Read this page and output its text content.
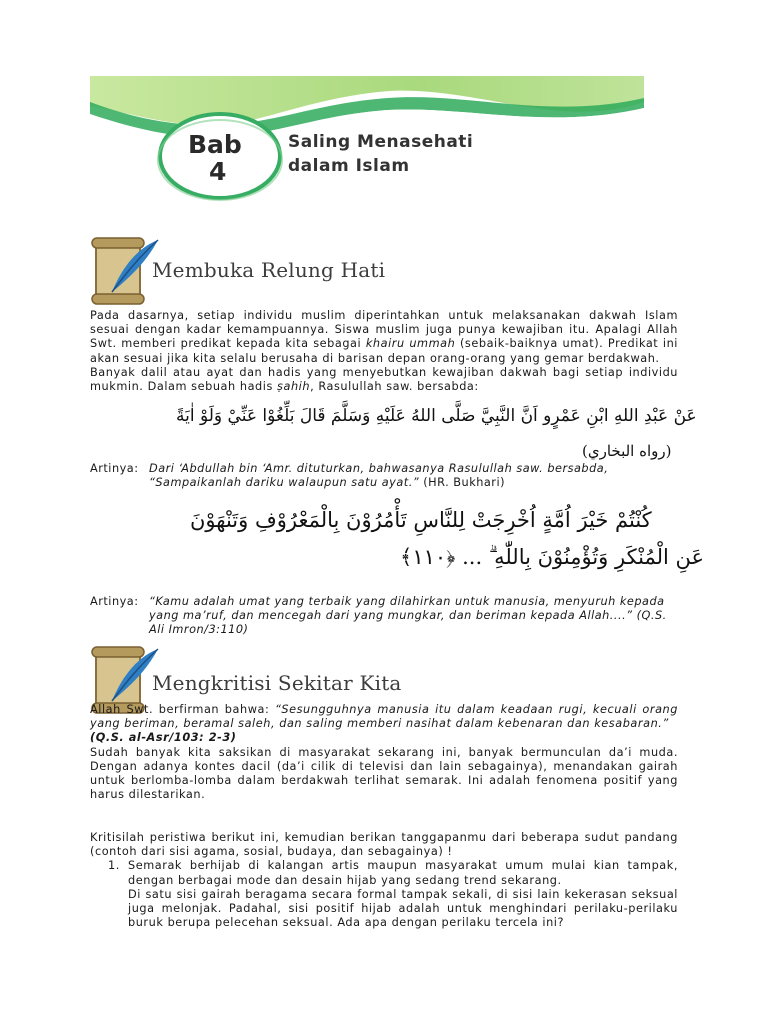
Bab
4
Saling Menasehati
dalam Islam
Membuka Relung Hati

Pada dasarnya, setiap individu muslim diperintahkan untuk melaksanakan dakwah Islam sesuai dengan kadar kemampuannya. Siswa muslim juga punya kewajiban itu. Apalagi Allah Swt. memberi predikat kepada kita sebagai khairu ummah (sebaik-baiknya umat). Predikat ini akan sesuai jika kita selalu berusaha di barisan depan orang-orang yang gemar berdakwah.

Banyak dalil atau ayat dan hadis yang menyebutkan kewajiban dakwah bagi setiap individu mukmin. Dalam sebuah hadis ṣahih, Rasulullah saw. bersabda:

عَنْ عَبْدِ اللهِ ابْنِ عَمْرٍو اَنَّ النَّبِيَّ صَلَّى اللهُ عَلَيْهِ وَسَلَّمَ قَالَ بَلِّغُوْا عَنِّيْ وَلَوْ اٰيَةً
(رواه البخاري)
Artinya: Dari ‘Abdullah bin ‘Amr. dituturkan, bahwasanya Rasulullah saw. bersabda,
“Sampaikanlah dariku walaupun satu ayat.” (HR. Bukhari)
كُنْتُمْ خَيْرَ اُمَّةٍ اُخْرِجَتْ لِلنَّاسِ تَأْمُرُوْنَ بِالْمَعْرُوْفِ وَتَنْهَوْنَ
عَنِ الْمُنْكَرِ وَتُؤْمِنُوْنَ بِاللّٰهِ ۗ ... ﴿١١٠﴾
Artinya: “Kamu adalah umat yang terbaik yang dilahirkan untuk manusia, menyuruh kepada yang ma’ruf, dan mencegah dari yang mungkar, dan beriman kepada Allah....” (Q.S. Ali Imron/3:110)
Mengkritisi Sekitar Kita

Allah Swt. berfirman bahwa: “Sesungguhnya manusia itu dalam keadaan rugi, kecuali orang yang beriman, beramal saleh, dan saling memberi nasihat dalam kebenaran dan kesabaran.”
(Q.S. al-Asr/103: 2-3)

Sudah banyak kita saksikan di masyarakat sekarang ini, banyak bermunculan da’i muda. Dengan adanya kontes dacil (da’i cilik di televisi dan lain sebagainya), menandakan gairah untuk berlomba-lomba dalam berdakwah terlihat semarak. Ini adalah fenomena positif yang harus dilestarikan.

Kritisilah peristiwa berikut ini, kemudian berikan tanggapanmu dari beberapa sudut pandang (contoh dari sisi agama, sosial, budaya, dan sebagainya) !

1. Semarak berhijab di kalangan artis maupun masyarakat umum mulai kian tampak, dengan berbagai mode dan desain hijab yang sedang trend sekarang.
Di satu sisi gairah beragama secara formal tampak sekali, di sisi lain kekerasan seksual juga melonjak. Padahal, sisi positif hijab adalah untuk menghindari perilaku-perilaku buruk berupa pelecehan seksual. Ada apa dengan perilaku tercela ini?
